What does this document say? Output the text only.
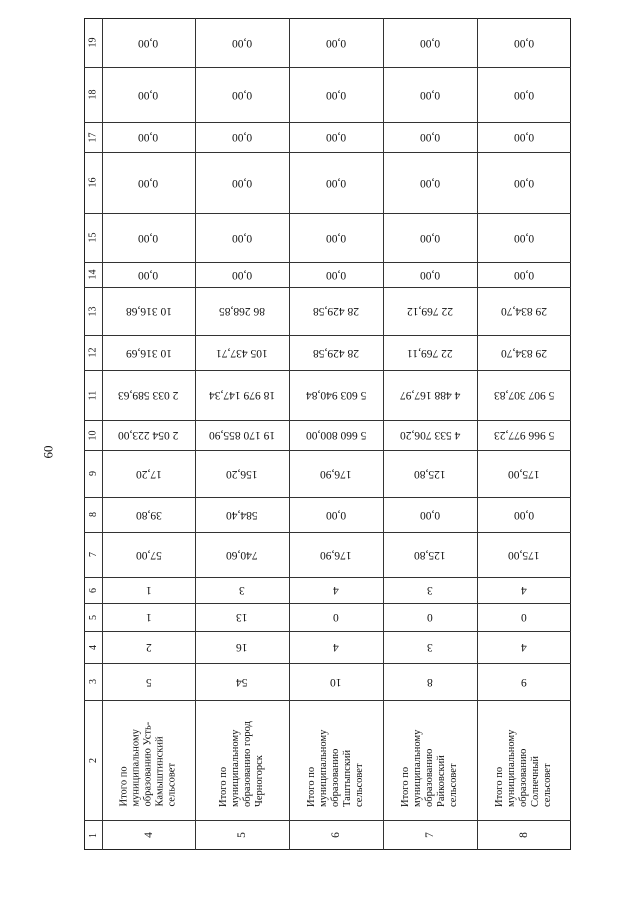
60
1
2
3
4
5
6
7
8
9
10
11
12
13
14
15
16
17
18
19
4
Итого по муниципальному образованию Усть-Камыштинский сельсовет
5
2
1
1
57,00
39,80
17,20
2 054 223,00
2 033 589,63
10 316,69
10 316,68
0,00
0,00
0,00
0,00
0,00
0,00
5
Итого по муниципальному образованию город Черногорск
54
16
13
3
740,60
584,40
156,20
19 170 855,90
18 979 147,34
105 437,71
86 268,85
0,00
0,00
0,00
0,00
0,00
0,00
6
Итого по муниципальному образованию Таштыпский сельсовет
10
4
0
4
176,90
0,00
176,90
5 660 800,00
5 603 940,84
28 429,58
28 429,58
0,00
0,00
0,00
0,00
0,00
0,00
7
Итого по муниципальному образованию Райковский сельсовет
8
3
0
3
125,80
0,00
125,80
4 533 706,20
4 488 167,97
22 769,11
22 769,12
0,00
0,00
0,00
0,00
0,00
0,00
8
Итого по муниципальному образованию Солнечный сельсовет
9
4
0
4
175,00
0,00
175,00
5 966 977,23
5 907 307,83
29 834,70
29 834,70
0,00
0,00
0,00
0,00
0,00
0,00
